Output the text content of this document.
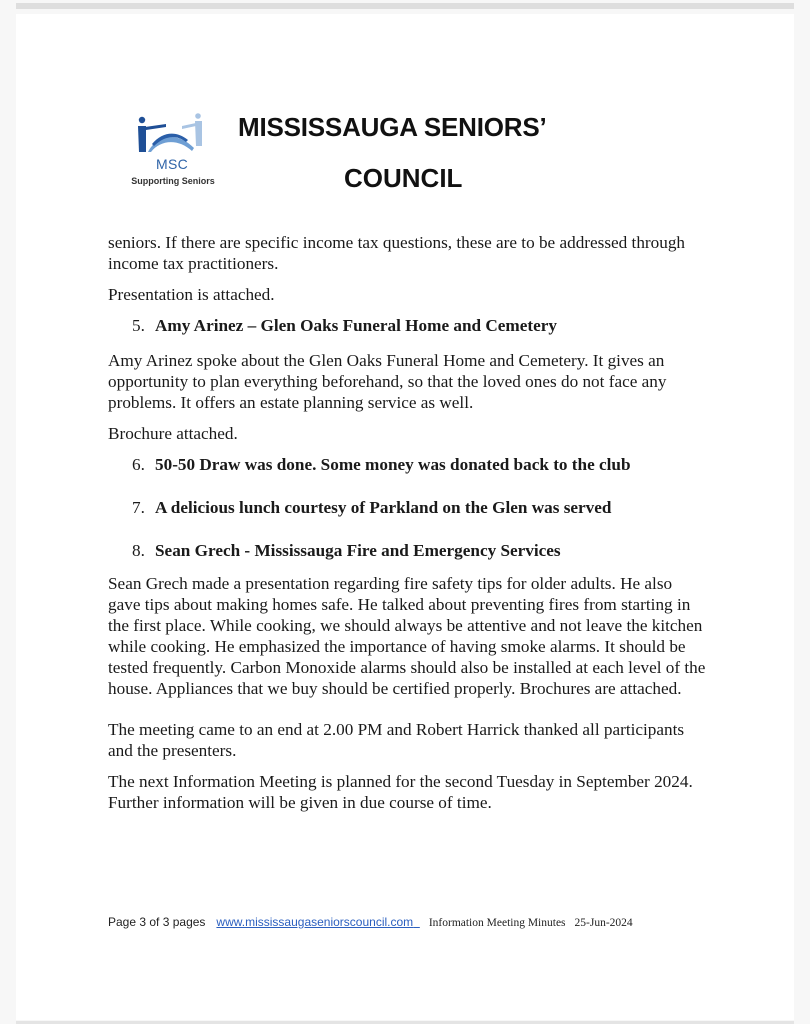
MSC
Supporting Seniors
MISSISSAUGA SENIORS’
COUNCIL

seniors. If there are specific income tax questions, these are to be addressed through income tax practitioners.

Presentation is attached.

5. Amy Arinez – Glen Oaks Funeral Home and Cemetery

Amy Arinez spoke about the Glen Oaks Funeral Home and Cemetery. It gives an opportunity to plan everything beforehand, so that the loved ones do not face any problems. It offers an estate planning service as well.

Brochure attached.

6. 50-50 Draw was done. Some money was donated back to the club
7. A delicious lunch courtesy of Parkland on the Glen was served
8. Sean Grech - Mississauga Fire and Emergency Services

Sean Grech made a presentation regarding fire safety tips for older adults. He also gave tips about making homes safe. He talked about preventing fires from starting in the first place. While cooking, we should always be attentive and not leave the kitchen while cooking. He emphasized the importance of having smoke alarms. It should be tested frequently. Carbon Monoxide alarms should also be installed at each level of the house. Appliances that we buy should be certified properly. Brochures are attached.

The meeting came to an end at 2.00 PM and Robert Harrick thanked all participants and the presenters.

The next Information Meeting is planned for the second Tuesday in September 2024. Further information will be given in due course of time.

Page 3 of 3 pages www.mississaugaseniorscouncil.com Information Meeting Minutes 25-Jun-2024
